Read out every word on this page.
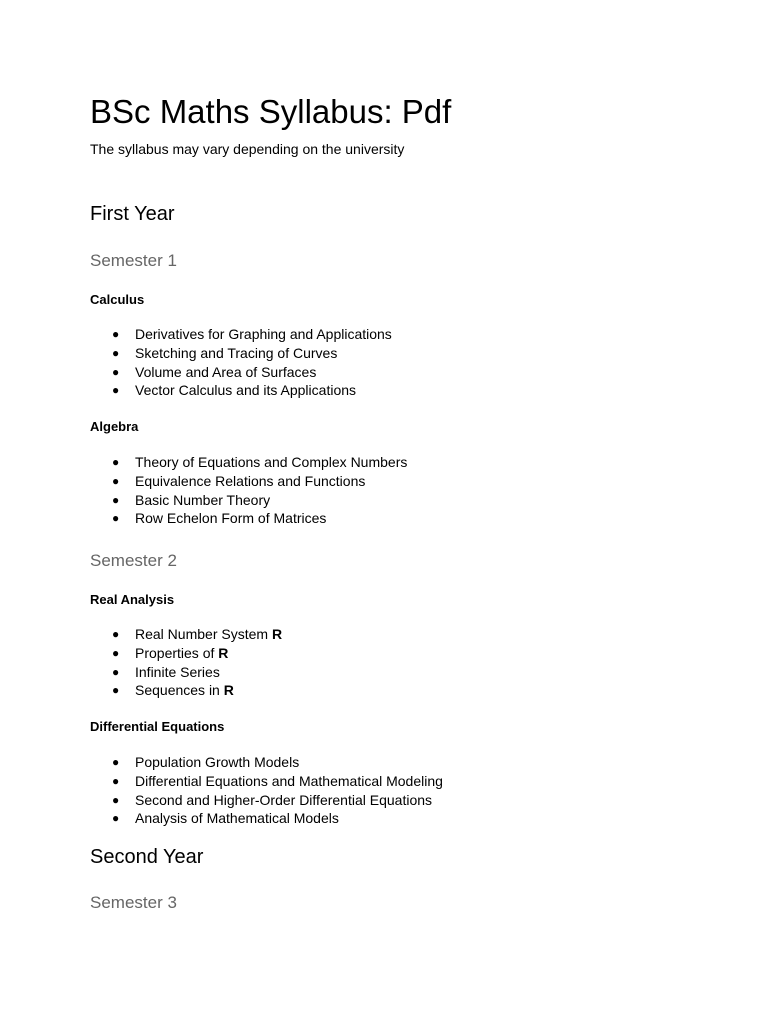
BSc Maths Syllabus: Pdf

The syllabus may vary depending on the university

First Year
Semester 1
Calculus
● Derivatives for Graphing and Applications
● Sketching and Tracing of Curves
● Volume and Area of Surfaces
● Vector Calculus and its Applications
Algebra
● Theory of Equations and Complex Numbers
● Equivalence Relations and Functions
● Basic Number Theory
● Row Echelon Form of Matrices
Semester 2
Real Analysis
● Real Number System R
● Properties of R
● Infinite Series
● Sequences in R
Differential Equations
● Population Growth Models
● Differential Equations and Mathematical Modeling
● Second and Higher-Order Differential Equations
● Analysis of Mathematical Models
Second Year
Semester 3
